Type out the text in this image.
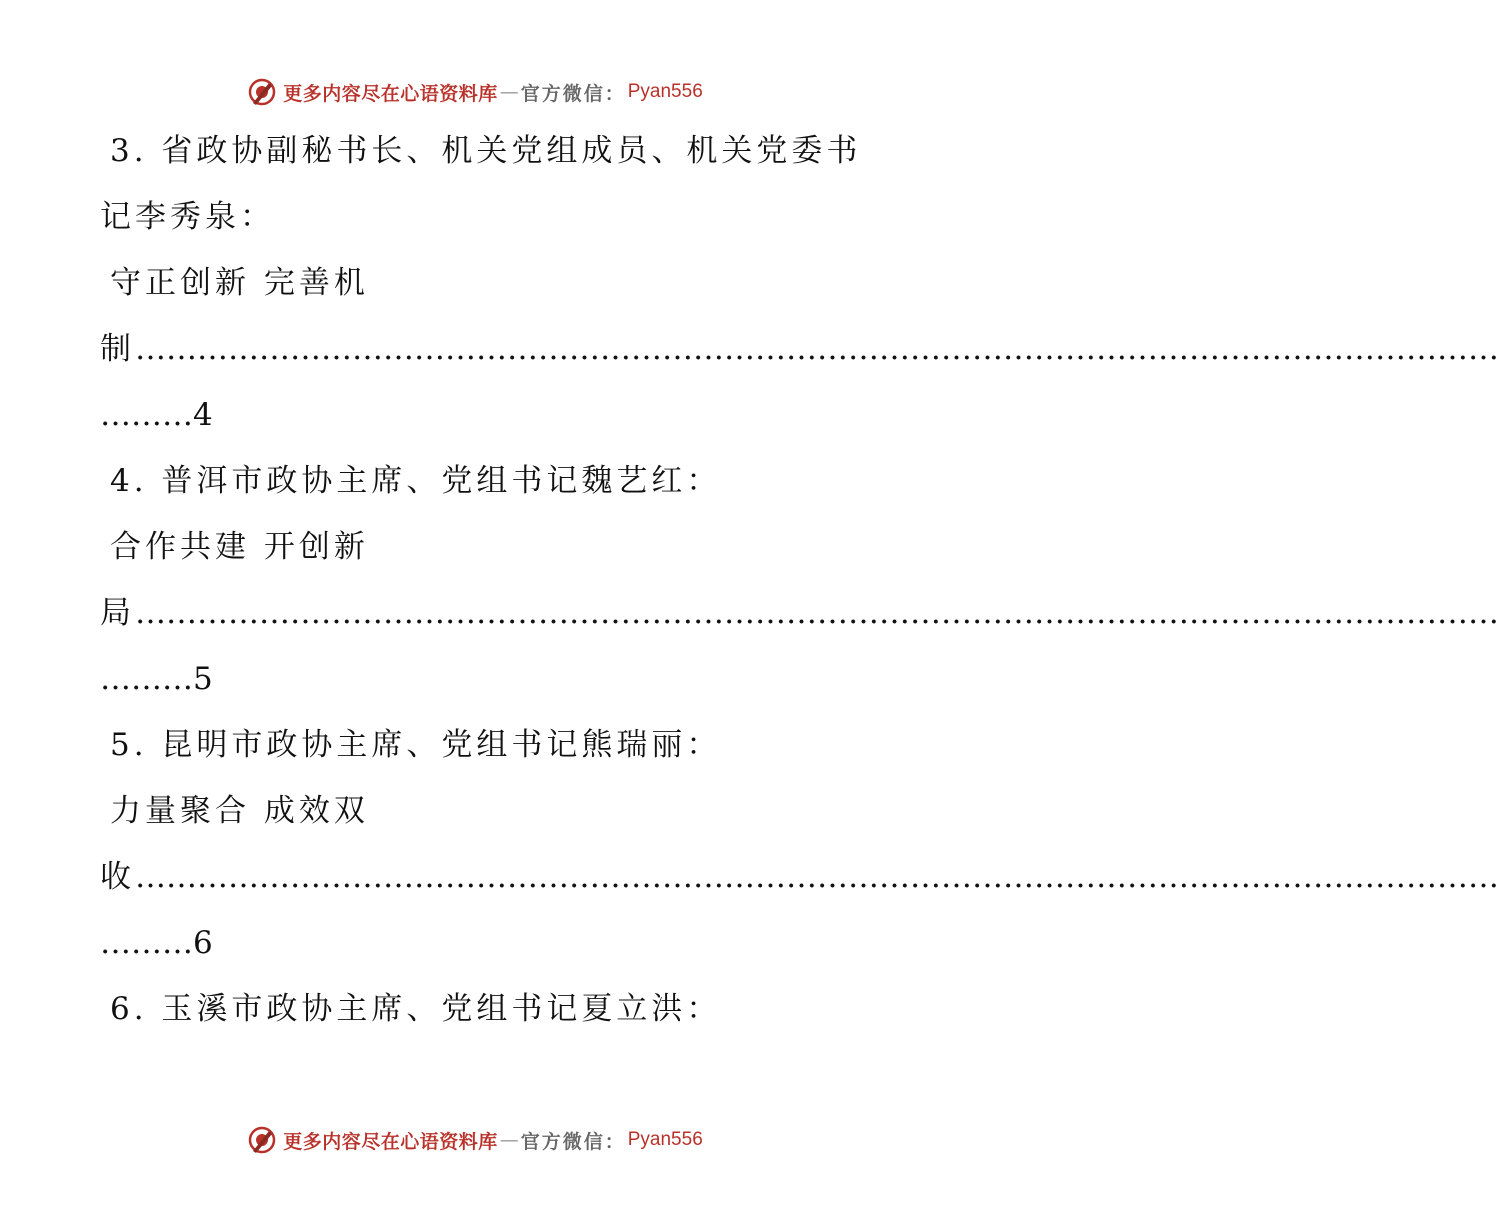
更多内容尽在心语资料库 — 官方微信： Pyan556
3. 省政协副秘书长、机关党组成员、机关党委书
记李秀泉：
守正创新 完善机
制 ……………………………………………………………………………………………………………………
………4
4. 普洱市政协主席、党组书记魏艺红：
合作共建 开创新
局 ……………………………………………………………………………………………………………………
………5
5. 昆明市政协主席、党组书记熊瑞丽：
力量聚合 成效双
收 ……………………………………………………………………………………………………………………
………6
6. 玉溪市政协主席、党组书记夏立洪：
更多内容尽在心语资料库 — 官方微信： Pyan556
